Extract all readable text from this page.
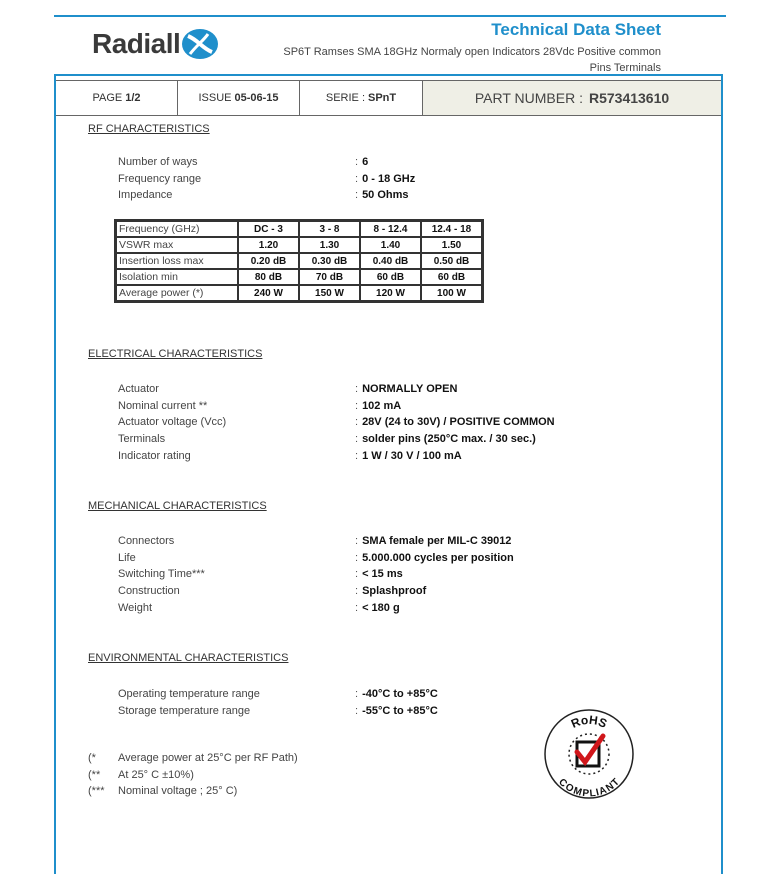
Radiall	Technical Data Sheet
SP6T Ramses SMA 18GHz Normaly open Indicators 28Vdc Positive common Pins Terminals
PAGE 1/2	ISSUE 05-06-15	SERIE : SPnT	PART NUMBER : R573413610
RF CHARACTERISTICS
Number of ways	: 6
Frequency range	: 0 - 18 GHz
Impedance	: 50 Ohms
Frequency (GHz)	DC - 3	3 - 8	8 - 12.4	12.4 - 18
VSWR max	1.20	1.30	1.40	1.50
Insertion loss max	0.20 dB	0.30 dB	0.40 dB	0.50 dB
Isolation min	80 dB	70 dB	60 dB	60 dB
Average power (*)	240 W	150 W	120 W	100 W
ELECTRICAL CHARACTERISTICS
Actuator	: NORMALLY OPEN
Nominal current **	: 102 mA
Actuator voltage (Vcc)	: 28V (24 to 30V) / POSITIVE COMMON
Terminals	: solder pins (250°C max. / 30 sec.)
Indicator rating	: 1 W / 30 V / 100 mA
MECHANICAL CHARACTERISTICS
Connectors	: SMA female per MIL-C 39012
Life	: 5.000.000 cycles per position
Switching Time***	: < 15 ms
Construction	: Splashproof
Weight	: < 180 g
ENVIRONMENTAL CHARACTERISTICS
Operating temperature range	: -40°C to +85°C
Storage temperature range	: -55°C to +85°C
(*	Average power at 25°C per RF Path)
(**	At 25° C ±10%)
(***	Nominal voltage ; 25° C)
RoHS
COMPLIANT
